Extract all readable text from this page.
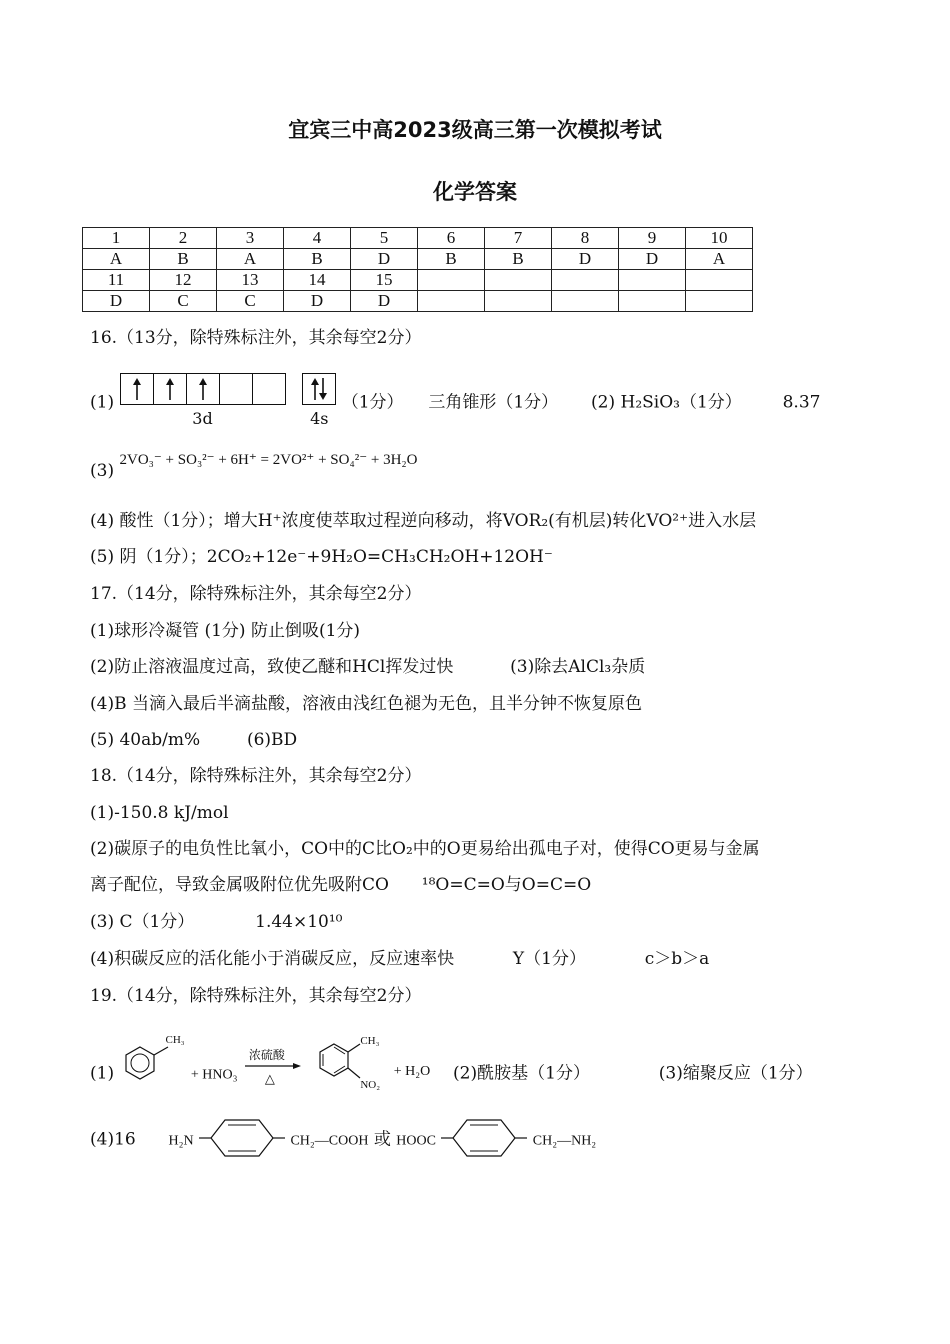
宜宾三中高2023级高三第一次模拟考试
化学答案
1	2	3	4	5	6	7	8	9	10
A	B	A	B	D	B	B	D	D	A
11	12	13	14	15					
D	C	C	D	D					
16.（13分，除特殊标注外，其余每空2分）
(1)
3d
	4s
（1分） 三角锥形（1分） (2) H₂SiO₃（1分） 8.37
(3) 2VO₃⁻ + SO₃²⁻ + 6H⁺ = 2VO²⁺ + SO₄²⁻ + 3H₂O
(4) 酸性（1分）；增大H⁺浓度使萃取过程逆向移动，将VOR₂(有机层)转化VO²⁺进入水层
(5) 阴（1分）；2CO₂+12e⁻+9H₂O=CH₃CH₂OH+12OH⁻
17.（14分，除特殊标注外，其余每空2分）
(1)球形冷凝管 (1分) 防止倒吸(1分)
(2)防止溶液温度过高，致使乙醚和HCl挥发过快	(3)除去AlCl₃杂质
(4)B 当滴入最后半滴盐酸，溶液由浅红色褪为无色，且半分钟不恢复原色
(5) 40ab/m%	(6)BD
18.（14分，除特殊标注外，其余每空2分）
(1)-150.8 kJ/mol
(2)碳原子的电负性比氧小，CO中的C比O₂中的O更易给出孤电子对，使得CO更易与金属
离子配位，导致金属吸附位优先吸附CO ¹⁸O=C=O与O=C=O
(3) C（1分）	1.44×10¹⁰
(4)积碳反应的活化能小于消碳反应，反应速率快	Y（1分）	c＞b＞a
19.（14分，除特殊标注外，其余每空2分）
(1)
CH₃
+ HNO₃
浓硫酸
△

CH₃
NO₂
$^{+ H_2O}$ (2)酰胺基（1分）	(3)缩聚反应（1分）
(4)16 H₂N	CH₂—COOH 或 HOOC	CH₂—NH₂
